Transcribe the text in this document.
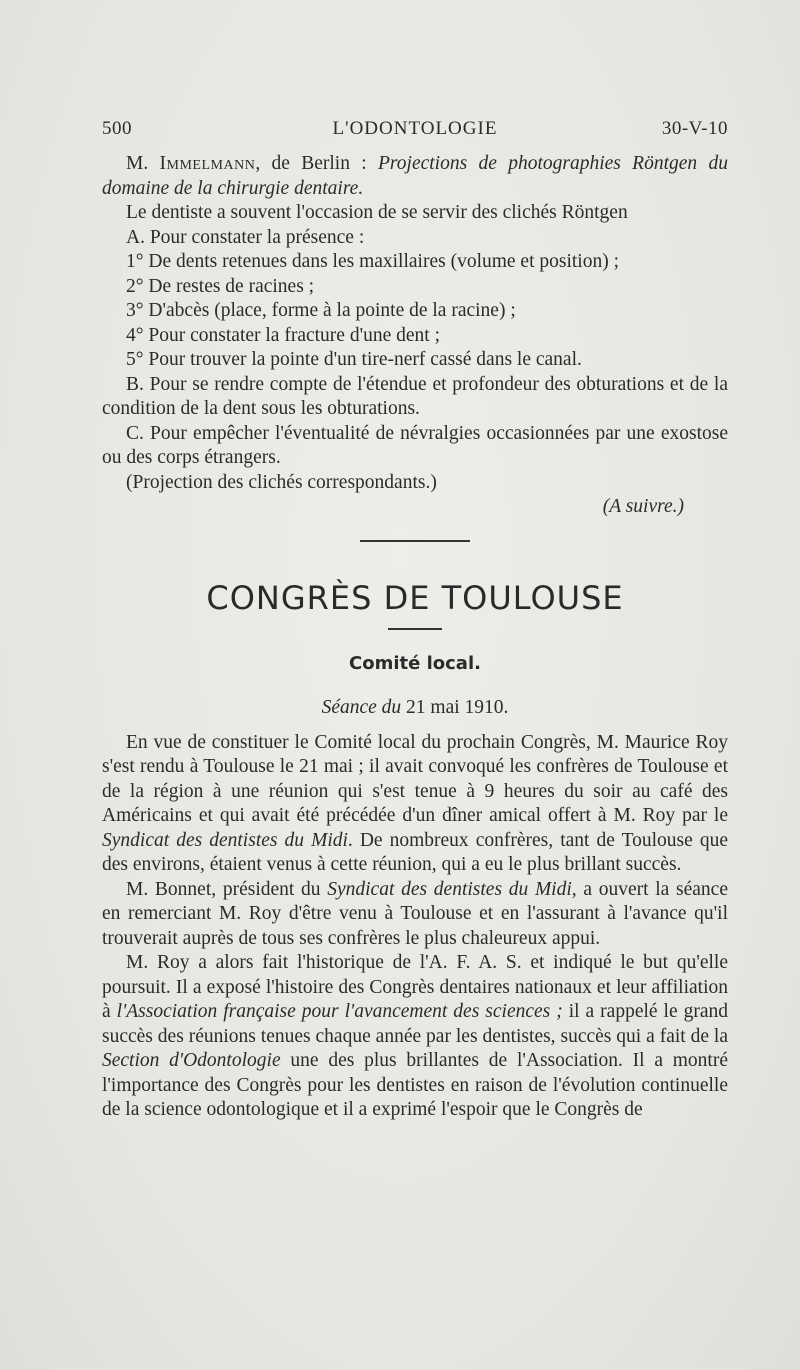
500	L'ODONTOLOGIE	30-V-10

M. Immelmann, de Berlin : Projections de photographies Röntgen du domaine de la chirurgie dentaire.

Le dentiste a souvent l'occasion de se servir des clichés Röntgen

A. Pour constater la présence :

1° De dents retenues dans les maxillaires (volume et position) ;

2° De restes de racines ;

3° D'abcès (place, forme à la pointe de la racine) ;

4° Pour constater la fracture d'une dent ;

5° Pour trouver la pointe d'un tire-nerf cassé dans le canal.

B. Pour se rendre compte de l'étendue et profondeur des obturations et de la condition de la dent sous les obturations.

C. Pour empêcher l'éventualité de névralgies occasionnées par une exostose ou des corps étrangers.

(Projection des clichés correspondants.)

(A suivre.)

CONGRÈS DE TOULOUSE
Comité local.
Séance du 21 mai 1910.

En vue de constituer le Comité local du prochain Congrès, M. Maurice Roy s'est rendu à Toulouse le 21 mai ; il avait convoqué les confrères de Toulouse et de la région à une réunion qui s'est tenue à 9 heures du soir au café des Américains et qui avait été précédée d'un dîner amical offert à M. Roy par le Syndicat des dentistes du Midi. De nombreux confrères, tant de Toulouse que des environs, étaient venus à cette réunion, qui a eu le plus brillant succès.

M. Bonnet, président du Syndicat des dentistes du Midi, a ouvert la séance en remerciant M. Roy d'être venu à Toulouse et en l'assurant à l'avance qu'il trouverait auprès de tous ses confrères le plus chaleureux appui.

M. Roy a alors fait l'historique de l'A. F. A. S. et indiqué le but qu'elle poursuit. Il a exposé l'histoire des Congrès dentaires nationaux et leur affiliation à l'Association française pour l'avancement des sciences ; il a rappelé le grand succès des réunions tenues chaque année par les dentistes, succès qui a fait de la Section d'Odontologie une des plus brillantes de l'Association. Il a montré l'importance des Congrès pour les dentistes en raison de l'évolution continuelle de la science odontologique et il a exprimé l'espoir que le Congrès de
